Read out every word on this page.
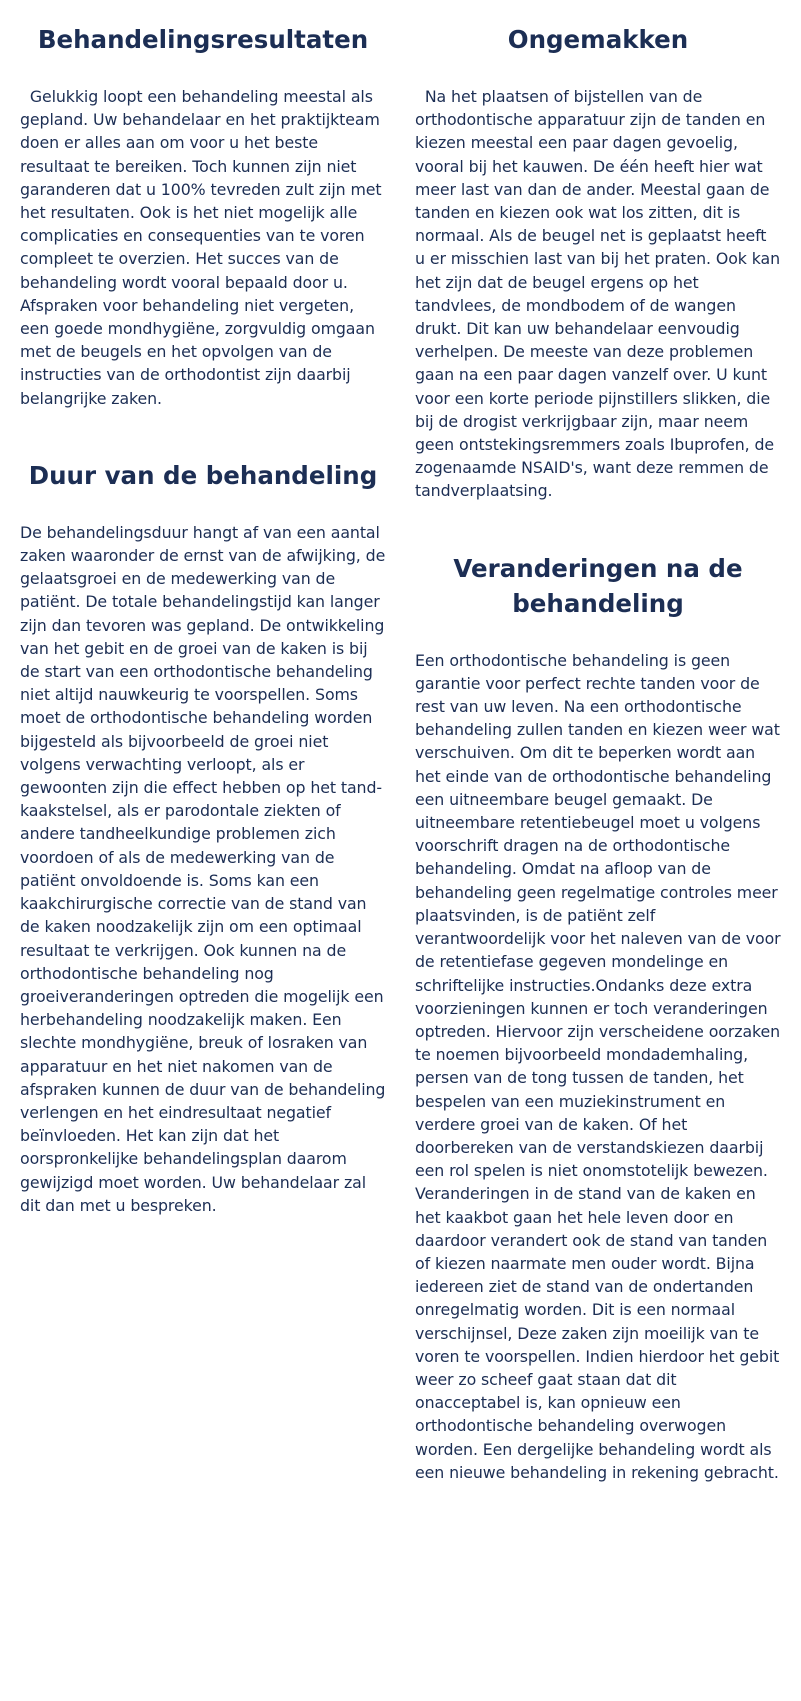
Behandelingsresultaten

Gelukkig loopt een behandeling meestal als gepland. Uw behandelaar en het praktijkteam doen er alles aan om voor u het beste resultaat te bereiken. Toch kunnen zijn niet garanderen dat u 100% tevreden zult zijn met het resultaten. Ook is het niet mogelijk alle complicaties en consequenties van te voren compleet te overzien. Het succes van de behandeling wordt vooral bepaald door u. Afspraken voor behandeling niet vergeten, een goede mondhygiëne, zorgvuldig omgaan met de beugels en het opvolgen van de instructies van de orthodontist zijn daarbij belangrijke zaken.

Duur van de behandeling

De behandelingsduur hangt af van een aantal zaken waaronder de ernst van de afwijking, de gelaatsgroei en de medewerking van de patiënt. De totale behandelingstijd kan langer zijn dan tevoren was gepland. De ontwikkeling van het gebit en de groei van de kaken is bij de start van een orthodontische behandeling niet altijd nauwkeurig te voorspellen. Soms moet de orthodontische behandeling worden bijgesteld als bijvoorbeeld de groei niet volgens verwachting verloopt, als er gewoonten zijn die effect hebben op het tand-kaakstelsel, als er parodontale ziekten of andere tandheelkundige problemen zich voordoen of als de medewerking van de patiënt onvoldoende is. Soms kan een kaakchirurgische correctie van de stand van de kaken noodzakelijk zijn om een optimaal resultaat te verkrijgen. Ook kunnen na de orthodontische behandeling nog groeiveranderingen optreden die mogelijk een herbehandeling noodzakelijk maken. Een slechte mondhygiëne, breuk of losraken van apparatuur en het niet nakomen van de afspraken kunnen de duur van de behandeling verlengen en het eindresultaat negatief beïnvloeden. Het kan zijn dat het oorspronkelijke behandelingsplan daarom gewijzigd moet worden. Uw behandelaar zal dit dan met u bespreken.

Ongemakken

Na het plaatsen of bijstellen van de orthodontische apparatuur zijn de tanden en kiezen meestal een paar dagen gevoelig, vooral bij het kauwen. De één heeft hier wat meer last van dan de ander. Meestal gaan de tanden en kiezen ook wat los zitten, dit is normaal. Als de beugel net is geplaatst heeft u er misschien last van bij het praten. Ook kan het zijn dat de beugel ergens op het tandvlees, de mondbodem of de wangen drukt. Dit kan uw behandelaar eenvoudig verhelpen. De meeste van deze problemen gaan na een paar dagen vanzelf over. U kunt voor een korte periode pijnstillers slikken, die bij de drogist verkrijgbaar zijn, maar neem geen ontstekingsremmers zoals Ibuprofen, de zogenaamde NSAID's, want deze remmen de tandverplaatsing.

Veranderingen na de behandeling

Een orthodontische behandeling is geen garantie voor perfect rechte tanden voor de rest van uw leven. Na een orthodontische behandeling zullen tanden en kiezen weer wat verschuiven. Om dit te beperken wordt aan het einde van de orthodontische behandeling een uitneembare beugel gemaakt. De uitneembare retentiebeugel moet u volgens voorschrift dragen na de orthodontische behandeling. Omdat na afloop van de behandeling geen regelmatige controles meer plaatsvinden, is de patiënt zelf verantwoordelijk voor het naleven van de voor de retentiefase gegeven mondelinge en schriftelijke instructies.Ondanks deze extra voorzieningen kunnen er toch veranderingen optreden. Hiervoor zijn verscheidene oorzaken te noemen bijvoorbeeld mondademhaling, persen van de tong tussen de tanden, het bespelen van een muziekinstrument en verdere groei van de kaken. Of het doorbereken van de verstandskiezen daarbij een rol spelen is niet onomstotelijk bewezen. Veranderingen in de stand van de kaken en het kaakbot gaan het hele leven door en daardoor verandert ook de stand van tanden of kiezen naarmate men ouder wordt. Bijna iedereen ziet de stand van de ondertanden onregelmatig worden. Dit is een normaal verschijnsel, Deze zaken zijn moeilijk van te voren te voorspellen. Indien hierdoor het gebit weer zo scheef gaat staan dat dit onacceptabel is, kan opnieuw een orthodontische behandeling overwogen worden. Een dergelijke behandeling wordt als een nieuwe behandeling in rekening gebracht.
